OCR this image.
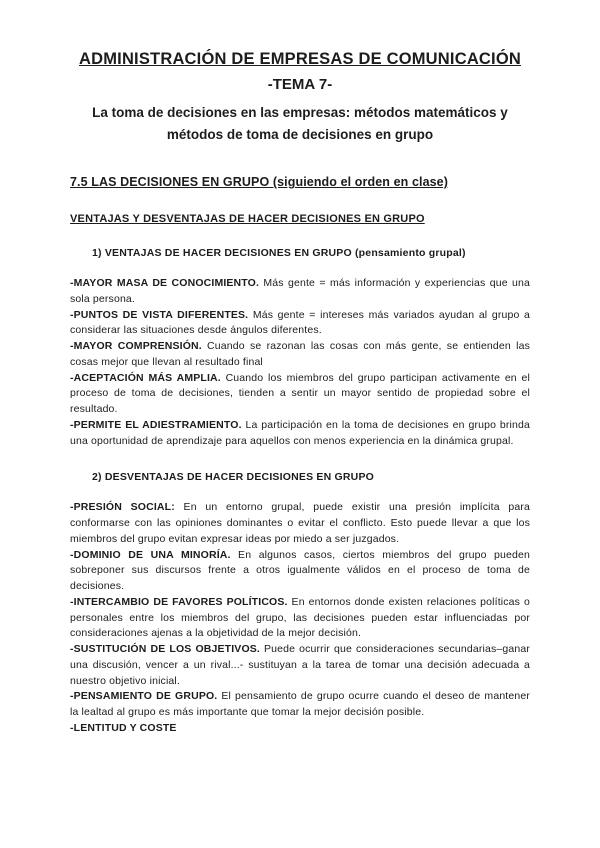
ADMINISTRACIÓN DE EMPRESAS DE COMUNICACIÓN
-TEMA 7-
La toma de decisiones en las empresas: métodos matemáticos y métodos de toma de decisiones en grupo
7.5 LAS DECISIONES EN GRUPO (siguiendo el orden en clase)
VENTAJAS Y DESVENTAJAS DE HACER DECISIONES EN GRUPO
1) VENTAJAS DE HACER DECISIONES EN GRUPO (pensamiento grupal)

-MAYOR MASA DE CONOCIMIENTO. Más gente = más información y experiencias que una sola persona.

-PUNTOS DE VISTA DIFERENTES. Más gente = intereses más variados ayudan al grupo a considerar las situaciones desde ángulos diferentes.

-MAYOR COMPRENSIÓN. Cuando se razonan las cosas con más gente, se entienden las cosas mejor que llevan al resultado final

-ACEPTACIÓN MÁS AMPLIA. Cuando los miembros del grupo participan activamente en el proceso de toma de decisiones, tienden a sentir un mayor sentido de propiedad sobre el resultado.

-PERMITE EL ADIESTRAMIENTO. La participación en la toma de decisiones en grupo brinda una oportunidad de aprendizaje para aquellos con menos experiencia en la dinámica grupal.

2) DESVENTAJAS DE HACER DECISIONES EN GRUPO

-PRESIÓN SOCIAL: En un entorno grupal, puede existir una presión implícita para conformarse con las opiniones dominantes o evitar el conflicto. Esto puede llevar a que los miembros del grupo evitan expresar ideas por miedo a ser juzgados.

-DOMINIO DE UNA MINORÍA. En algunos casos, ciertos miembros del grupo pueden sobreponer sus discursos frente a otros igualmente válidos en el proceso de toma de decisiones.

-INTERCAMBIO DE FAVORES POLÍTICOS. En entornos donde existen relaciones políticas o personales entre los miembros del grupo, las decisiones pueden estar influenciadas por consideraciones ajenas a la objetividad de la mejor decisión.

-SUSTITUCIÓN DE LOS OBJETIVOS. Puede ocurrir que consideraciones secundarias–ganar una discusión, vencer a un rival...- sustituyan a la tarea de tomar una decisión adecuada a nuestro objetivo inicial.

-PENSAMIENTO DE GRUPO. El pensamiento de grupo ocurre cuando el deseo de mantener la lealtad al grupo es más importante que tomar la mejor decisión posible.

-LENTITUD Y COSTE
